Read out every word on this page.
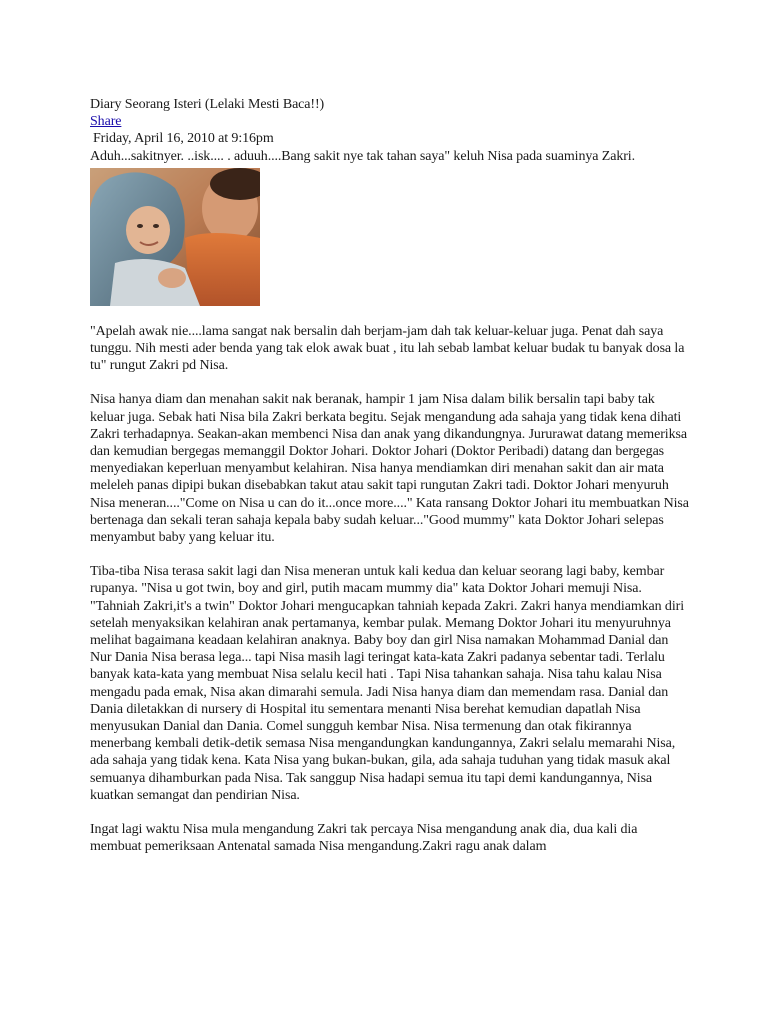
Diary Seorang Isteri (Lelaki Mesti Baca!!)

Share

Friday, April 16, 2010 at 9:16pm

Aduh...sakitnyer. ..isk.... . aduuh....Bang sakit nye tak tahan saya" keluh Nisa pada suaminya Zakri.

"Apelah awak nie....lama sangat nak bersalin dah berjam-jam dah tak keluar-keluar juga. Penat dah saya tunggu. Nih mesti ader benda yang tak elok awak buat , itu lah sebab lambat keluar budak tu banyak dosa la tu" rungut Zakri pd Nisa.

Nisa hanya diam dan menahan sakit nak beranak, hampir 1 jam Nisa dalam bilik bersalin tapi baby tak keluar juga. Sebak hati Nisa bila Zakri berkata begitu. Sejak mengandung ada sahaja yang tidak kena dihati Zakri terhadapnya. Seakan-akan membenci Nisa dan anak yang dikandungnya. Jururawat datang memeriksa dan kemudian bergegas memanggil Doktor Johari. Doktor Johari (Doktor Peribadi) datang dan bergegas menyediakan keperluan menyambut kelahiran. Nisa hanya mendiamkan diri menahan sakit dan air mata meleleh panas dipipi bukan disebabkan takut atau sakit tapi rungutan Zakri tadi. Doktor Johari menyuruh Nisa meneran...."Come on Nisa u can do it...once more...." Kata ransang Doktor Johari itu membuatkan Nisa bertenaga dan sekali teran sahaja kepala baby sudah keluar..."Good mummy" kata Doktor Johari selepas menyambut baby yang keluar itu.

Tiba-tiba Nisa terasa sakit lagi dan Nisa meneran untuk kali kedua dan keluar seorang lagi baby, kembar rupanya. "Nisa u got twin, boy and girl, putih macam mummy dia" kata Doktor Johari memuji Nisa. "Tahniah Zakri,it's a twin" Doktor Johari mengucapkan tahniah kepada Zakri. Zakri hanya mendiamkan diri setelah menyaksikan kelahiran anak pertamanya, kembar pulak. Memang Doktor Johari itu menyuruhnya melihat bagaimana keadaan kelahiran anaknya. Baby boy dan girl Nisa namakan Mohammad Danial dan Nur Dania Nisa berasa lega... tapi Nisa masih lagi teringat kata-kata Zakri padanya sebentar tadi. Terlalu banyak kata-kata yang membuat Nisa selalu kecil hati . Tapi Nisa tahankan sahaja. Nisa tahu kalau Nisa mengadu pada emak, Nisa akan dimarahi semula. Jadi Nisa hanya diam dan memendam rasa. Danial dan Dania diletakkan di nursery di Hospital itu sementara menanti Nisa berehat kemudian dapatlah Nisa menyusukan Danial dan Dania. Comel sungguh kembar Nisa. Nisa termenung dan otak fikirannya menerbang kembali detik-detik semasa Nisa mengandungkan kandungannya, Zakri selalu memarahi Nisa, ada sahaja yang tidak kena. Kata Nisa yang bukan-bukan, gila, ada sahaja tuduhan yang tidak masuk akal semuanya dihamburkan pada Nisa. Tak sanggup Nisa hadapi semua itu tapi demi kandungannya, Nisa kuatkan semangat dan pendirian Nisa.

Ingat lagi waktu Nisa mula mengandung Zakri tak percaya Nisa mengandung anak dia, dua kali dia membuat pemeriksaan Antenatal samada Nisa mengandung.Zakri ragu anak dalam
